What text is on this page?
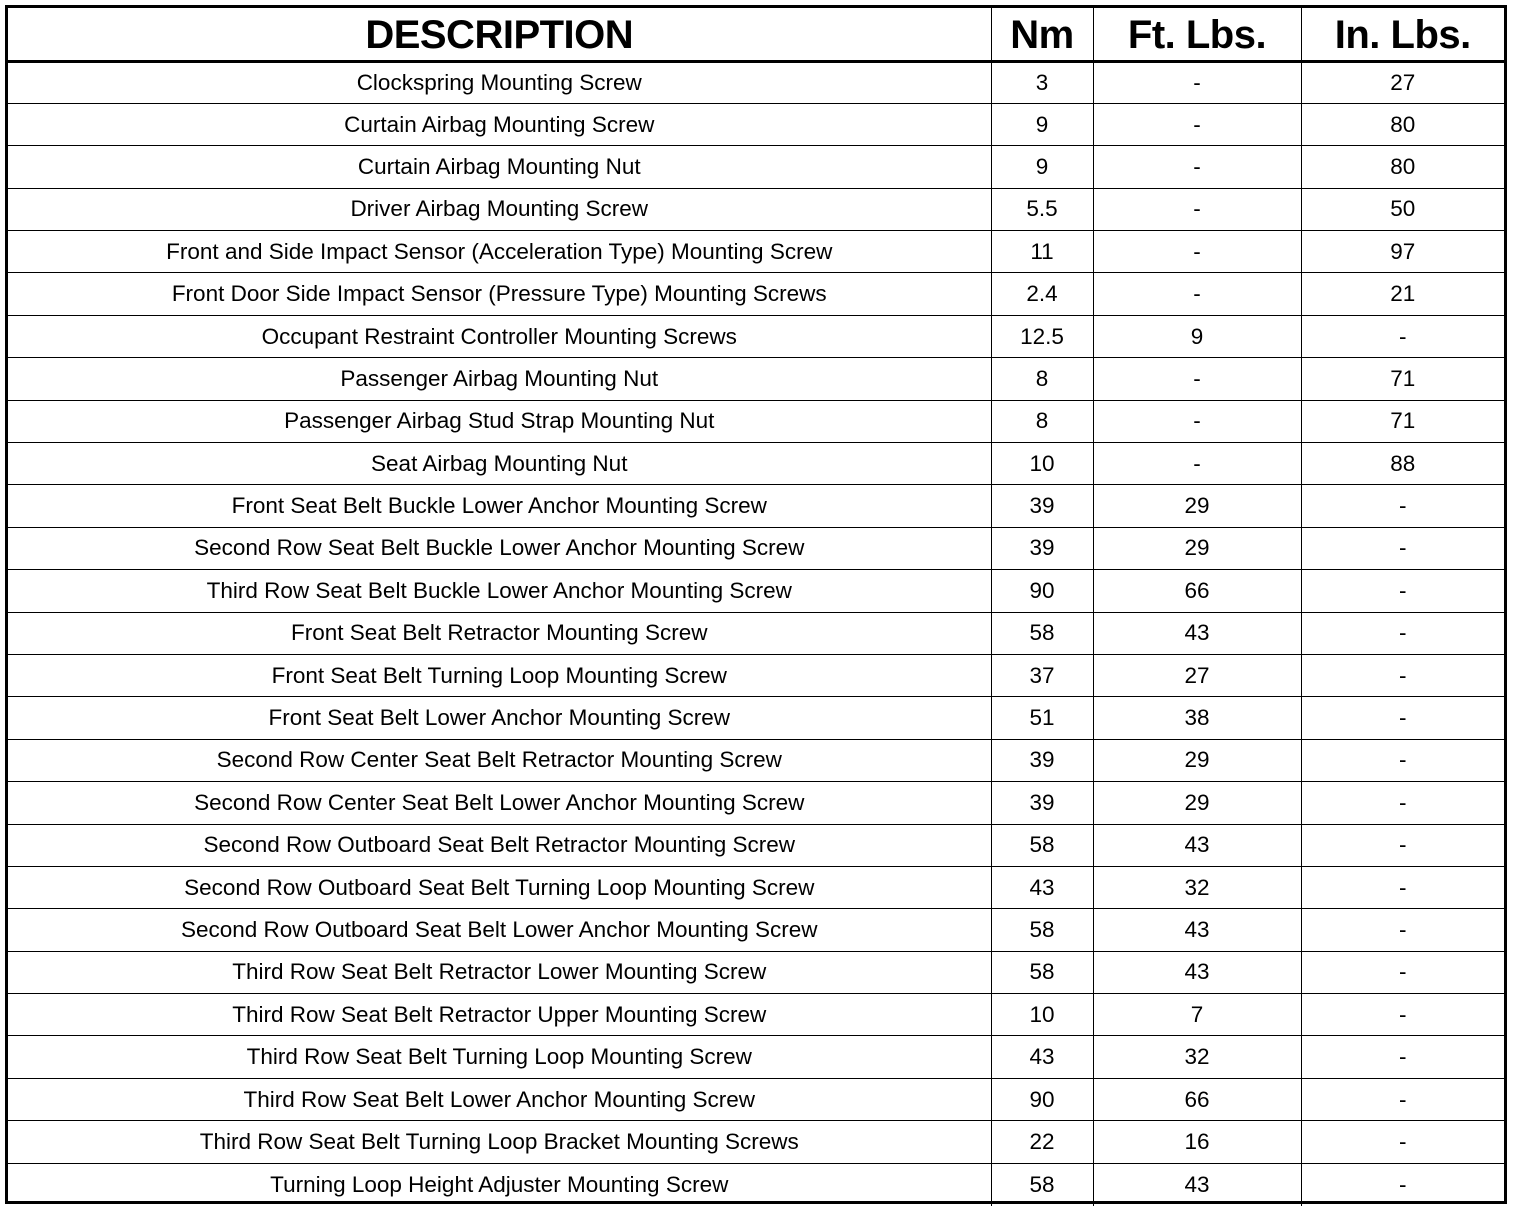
DESCRIPTION	Nm	Ft. Lbs.	In. Lbs.
Clockspring Mounting Screw	3	-	27
Curtain Airbag Mounting Screw	9	-	80
Curtain Airbag Mounting Nut	9	-	80
Driver Airbag Mounting Screw	5.5	-	50
Front and Side Impact Sensor (Acceleration Type) Mounting Screw	11	-	97
Front Door Side Impact Sensor (Pressure Type) Mounting Screws	2.4	-	21
Occupant Restraint Controller Mounting Screws	12.5	9	-
Passenger Airbag Mounting Nut	8	-	71
Passenger Airbag Stud Strap Mounting Nut	8	-	71
Seat Airbag Mounting Nut	10	-	88
Front Seat Belt Buckle Lower Anchor Mounting Screw	39	29	-
Second Row Seat Belt Buckle Lower Anchor Mounting Screw	39	29	-
Third Row Seat Belt Buckle Lower Anchor Mounting Screw	90	66	-
Front Seat Belt Retractor Mounting Screw	58	43	-
Front Seat Belt Turning Loop Mounting Screw	37	27	-
Front Seat Belt Lower Anchor Mounting Screw	51	38	-
Second Row Center Seat Belt Retractor Mounting Screw	39	29	-
Second Row Center Seat Belt Lower Anchor Mounting Screw	39	29	-
Second Row Outboard Seat Belt Retractor Mounting Screw	58	43	-
Second Row Outboard Seat Belt Turning Loop Mounting Screw	43	32	-
Second Row Outboard Seat Belt Lower Anchor Mounting Screw	58	43	-
Third Row Seat Belt Retractor Lower Mounting Screw	58	43	-
Third Row Seat Belt Retractor Upper Mounting Screw	10	7	-
Third Row Seat Belt Turning Loop Mounting Screw	43	32	-
Third Row Seat Belt Lower Anchor Mounting Screw	90	66	-
Third Row Seat Belt Turning Loop Bracket Mounting Screws	22	16	-
Turning Loop Height Adjuster Mounting Screw	58	43	-
